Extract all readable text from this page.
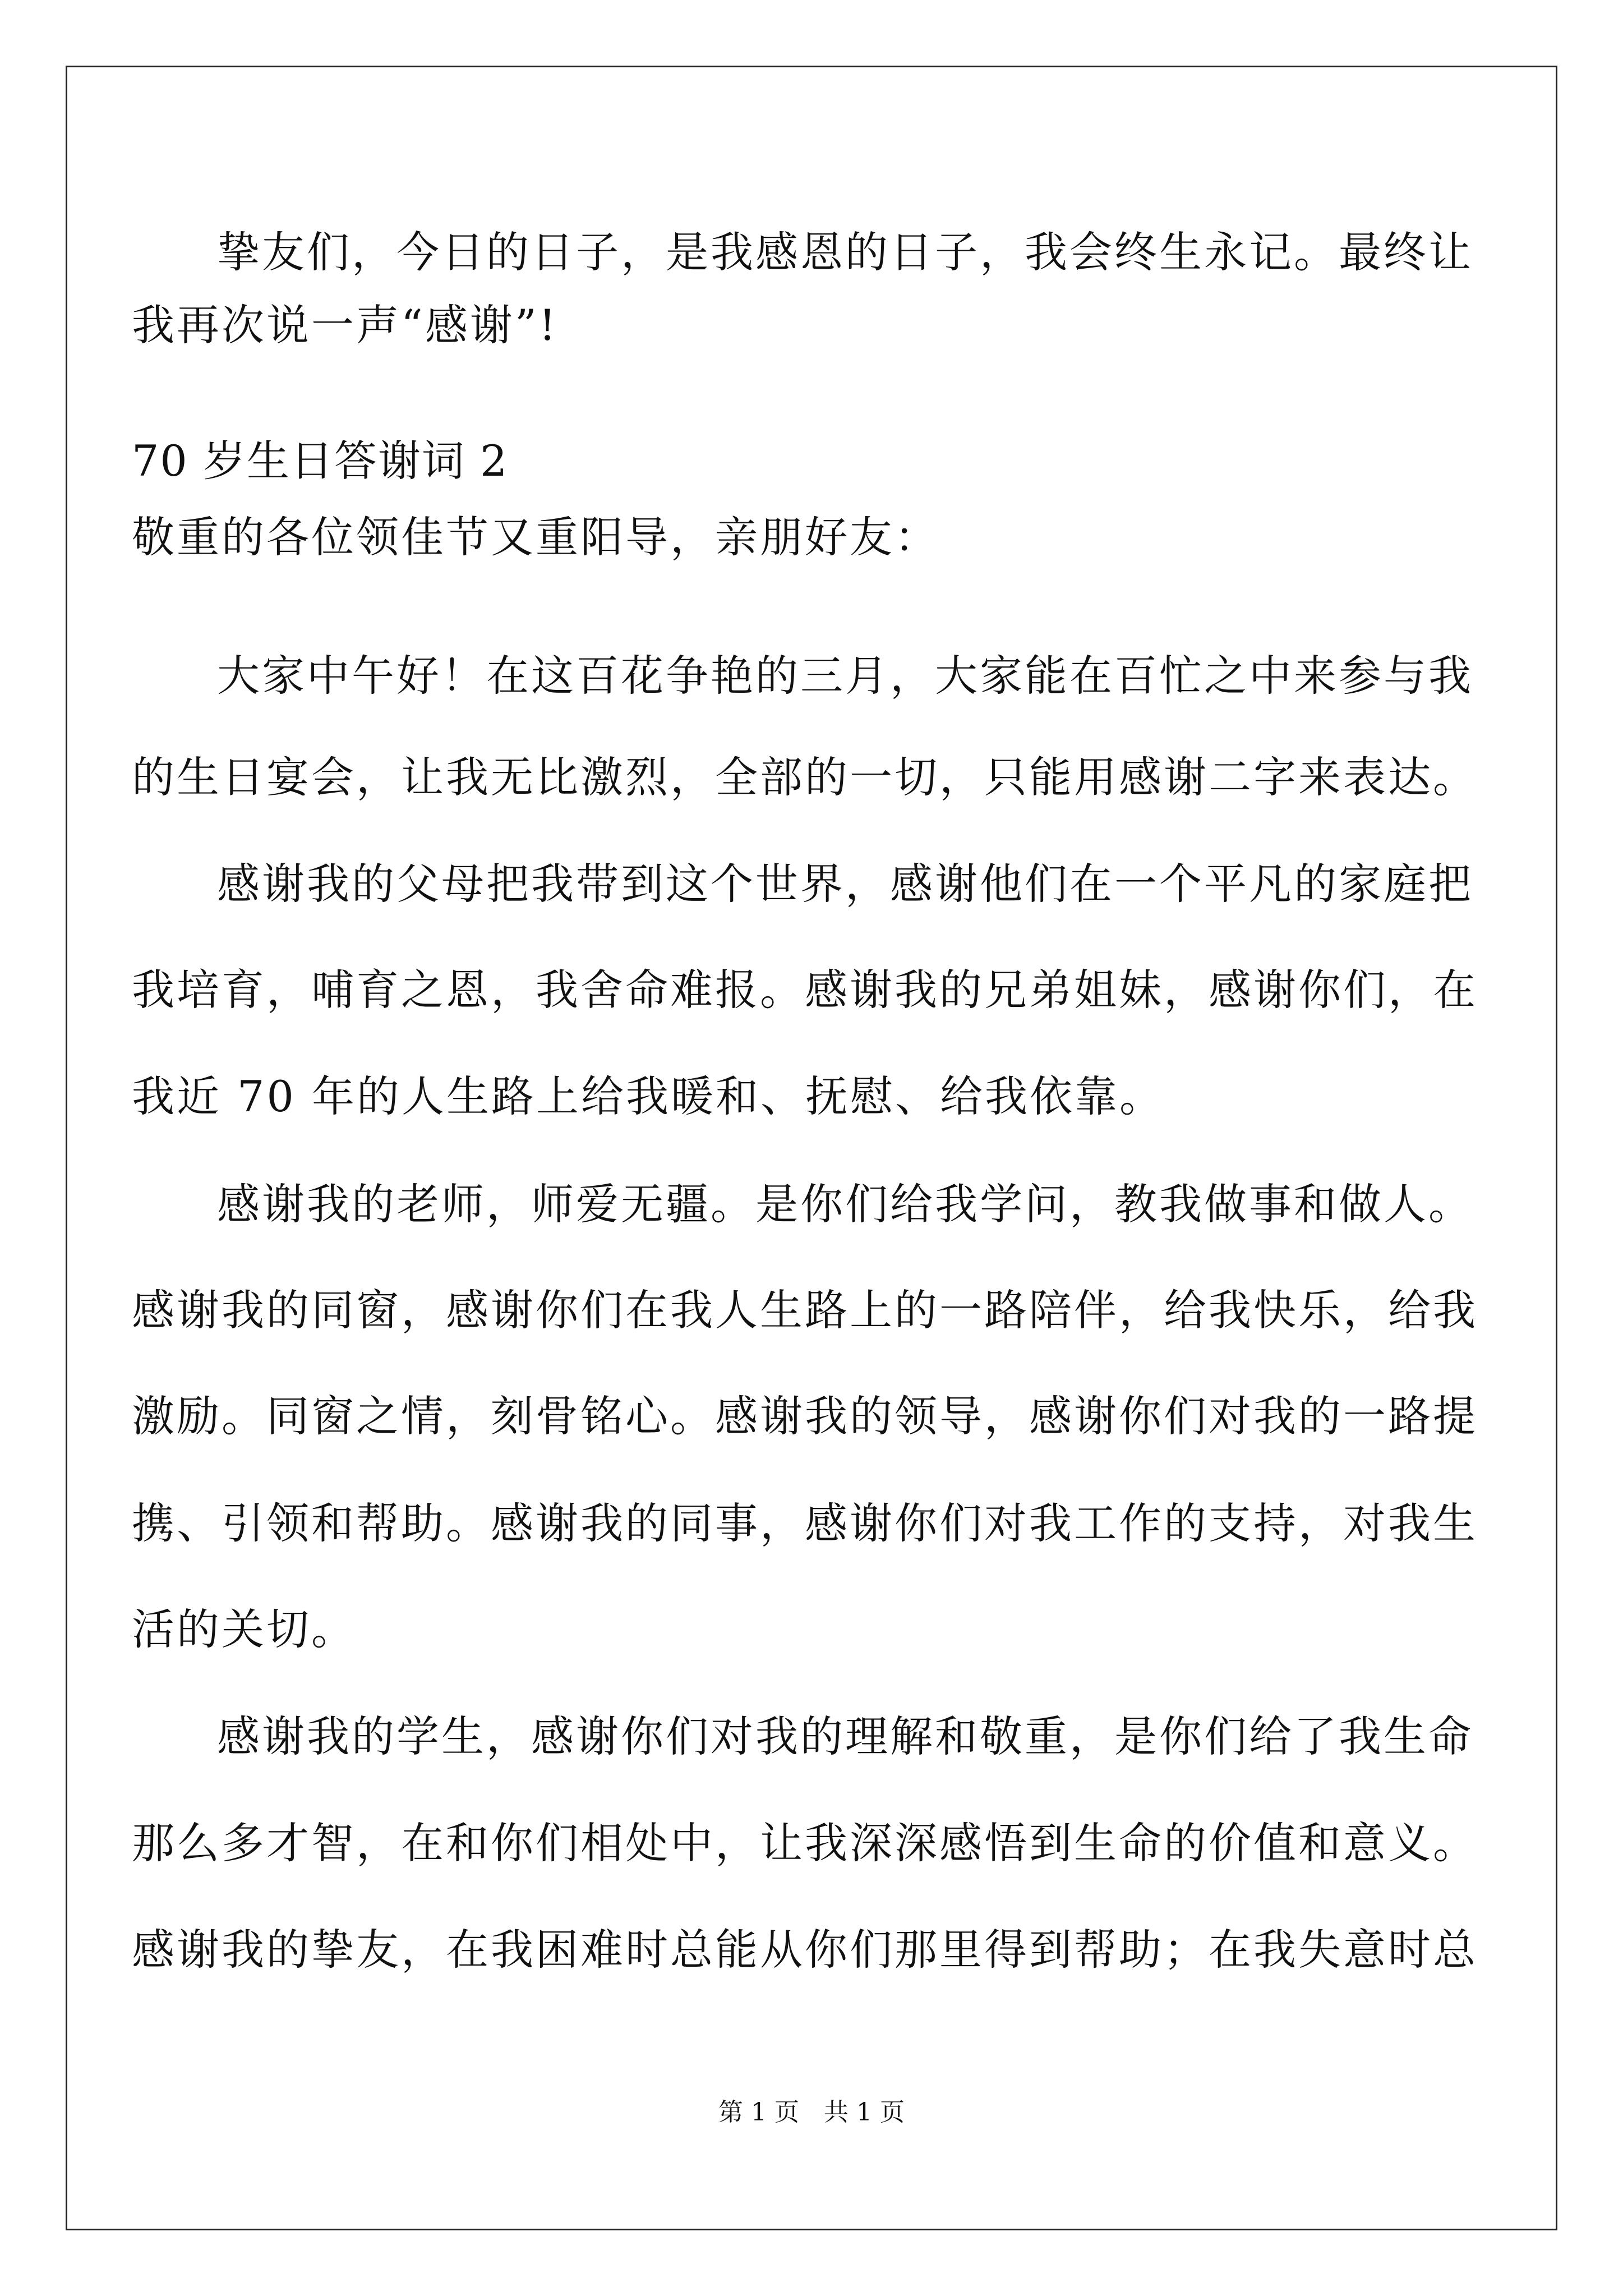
挚友们，今日的日子，是我感恩的日子，我会终生永记。最终让
我再次说一声“感谢”!
70 岁生日答谢词 2
敬重的各位领佳节又重阳导，亲朋好友：
大家中午好！在这百花争艳的三月，大家能在百忙之中来参与我
的生日宴会，让我无比激烈，全部的一切，只能用感谢二字来表达。
感谢我的父母把我带到这个世界，感谢他们在一个平凡的家庭把
我培育，哺育之恩，我舍命难报。感谢我的兄弟姐妹，感谢你们，在
我近 70 年的人生路上给我暖和、抚慰、给我依靠。
感谢我的老师，师爱无疆。是你们给我学问，教我做事和做人。
感谢我的同窗，感谢你们在我人生路上的一路陪伴，给我快乐，给我
激励。同窗之情，刻骨铭心。感谢我的领导，感谢你们对我的一路提
携、引领和帮助。感谢我的同事，感谢你们对我工作的支持，对我生
活的关切。
感谢我的学生，感谢你们对我的理解和敬重，是你们给了我生命
那么多才智，在和你们相处中，让我深深感悟到生命的价值和意义。
感谢我的挚友，在我困难时总能从你们那里得到帮助；在我失意时总
第 1 页　共 1 页
